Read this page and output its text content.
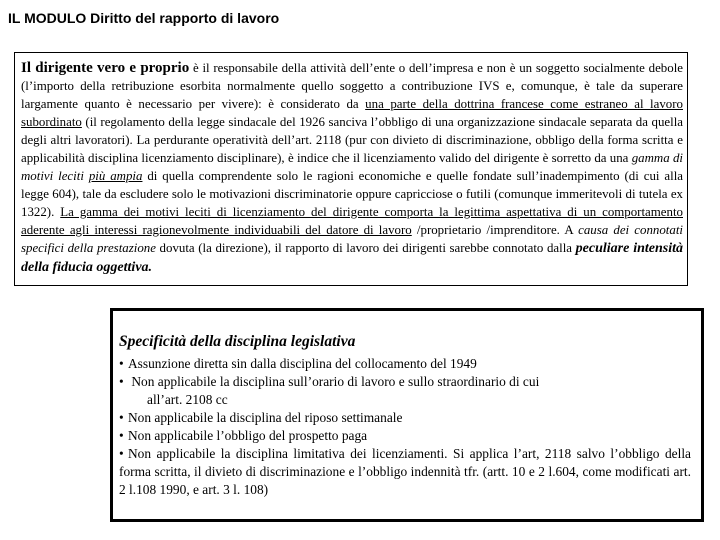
IL MODULO Diritto del rapporto di lavoro
Il dirigente vero e proprio è il responsabile della attività dell’ente o dell’impresa e non è un soggetto socialmente debole (l’importo della retribuzione esorbita normalmente quello soggetto a contribuzione IVS e, comunque, è tale da superare largamente quanto è necessario per vivere): è considerato da una parte della dottrina francese come estraneo al lavoro subordinato (il regolamento della legge sindacale del 1926 sanciva l’obbligo di una organizzazione sindacale separata da quella degli altri lavoratori). La perdurante operatività dell’art. 2118 (pur con divieto di discriminazione, obbligo della forma scritta e applicabilità disciplina licenziamento disciplinare), è indice che il licenziamento valido del dirigente è sorretto da una gamma di motivi leciti più ampia di quella comprendente solo le ragioni economiche e quelle fondate sull’inadempimento (di cui alla legge 604), tale da escludere solo le motivazioni discriminatorie oppure capricciose o futili (comunque immeritevoli di tutela ex 1322). La gamma dei motivi leciti di licenziamento del dirigente comporta la legittima aspettativa di un comportamento aderente agli interessi ragionevolmente individuabili del datore di lavoro /proprietario /imprenditore. A causa dei connotati specifici della prestazione dovuta (la direzione), il rapporto di lavoro dei dirigenti sarebbe connotato dalla peculiare intensità della fiducia oggettiva.
Specificità della disciplina legislativa
• Assunzione diretta sin dalla disciplina del collocamento del 1949
• Non applicabile la disciplina sull’orario di lavoro e sullo straordinario di cui
all’art. 2108 cc
• Non applicabile la disciplina del riposo settimanale
• Non applicabile l’obbligo del prospetto paga
• Non applicabile la disciplina limitativa dei licenziamenti. Si applica l’art, 2118 salvo l’obbligo della forma scritta, il divieto di discriminazione e l’obbligo indennità tfr. (artt. 10 e 2 l.604, come modificati art. 2 l.108 1990, e art. 3 l. 108)
